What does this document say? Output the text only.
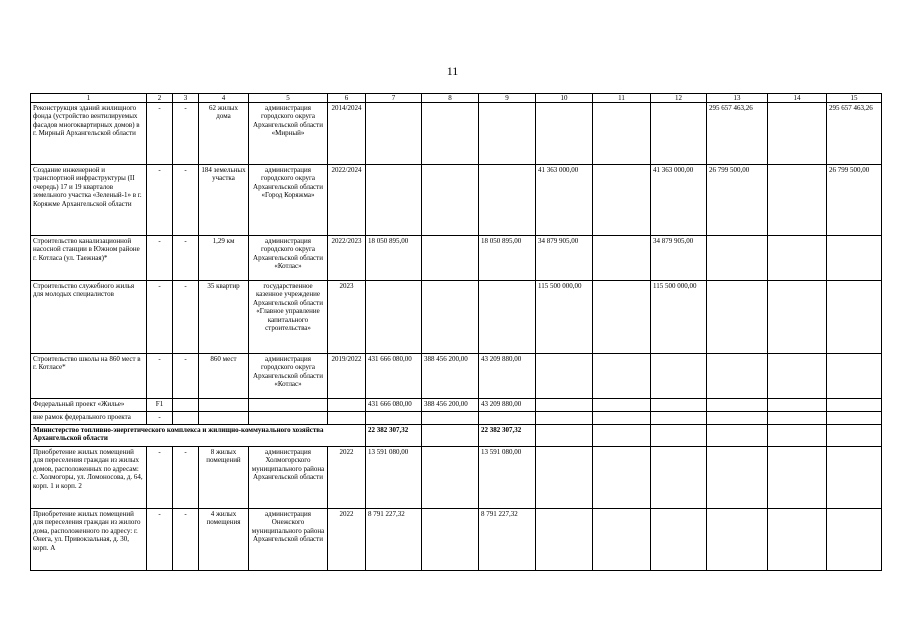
11
1	2	3	4	5	6	7	8	9	10	11	12	13	14	15
Реконструкция зданий жилищного фонда (устройство вентилируемых фасадов многоквартирных домов) в г. Мирный Архангельской области	-	-	62 жилых дома	администрация городского округа Архангельской области «Мирный»	2014/2024							295 657 463,26		295 657 463,26
Создание инженерной и транспортной инфраструктуры (II очередь) 17 и 19 кварталов земельного участка «Зеленый-1» в г. Коряжме Архангельской области	-	-	184 земельных участка	администрация городского округа Архангельской области «Город Коряжма»	2022/2024				41 363 000,00		41 363 000,00	26 799 500,00		26 799 500,00
Строительство канализационной насосной станции в Южном районе г. Котласа (ул. Таежная)*	-	-	1,29 км	администрация городского округа Архангельской области «Котлас»	2022/2023	18 050 895,00		18 050 895,00	34 879 905,00		34 879 905,00			
Строительство служебного жилья для молодых специалистов	-	-	35 квартир	государственное казенное учреждение Архангельской области «Главное управление капитального строительства»	2023				115 500 000,00		115 500 000,00			
Строительство школы на 860 мест в г. Котласе*	-	-	860 мест	администрация городского округа Архангельской области «Котлас»	2019/2022	431 666 080,00	388 456 200,00	43 209 880,00						
Федеральный проект «Жилье»	F1					431 666 080,00	388 456 200,00	43 209 880,00						
вне рамок федерального проекта	-													
Министерство топливно-энергетического комплекса и жилищно-коммунального хозяйства Архангельской области						22 382 307,32		22 382 307,32						
Приобретение жилых помещений для переселения граждан из жилых домов, расположенных по адресам: с. Холмогоры, ул. Ломоносова, д. 64, корп. 1 и корп. 2	-	-	8 жилых помещений	администрация Холмогорского муниципального района Архангельской области	2022	13 591 080,00		13 591 080,00						
Приобретение жилых помещений для переселения граждан из жилого дома, расположенного по адресу: г. Онега, ул. Привокзальная, д. 30, корп. А	-	-	4 жилых помещения	администрация Онежского муниципального района Архангельской области	2022	8 791 227,32		8 791 227,32						
